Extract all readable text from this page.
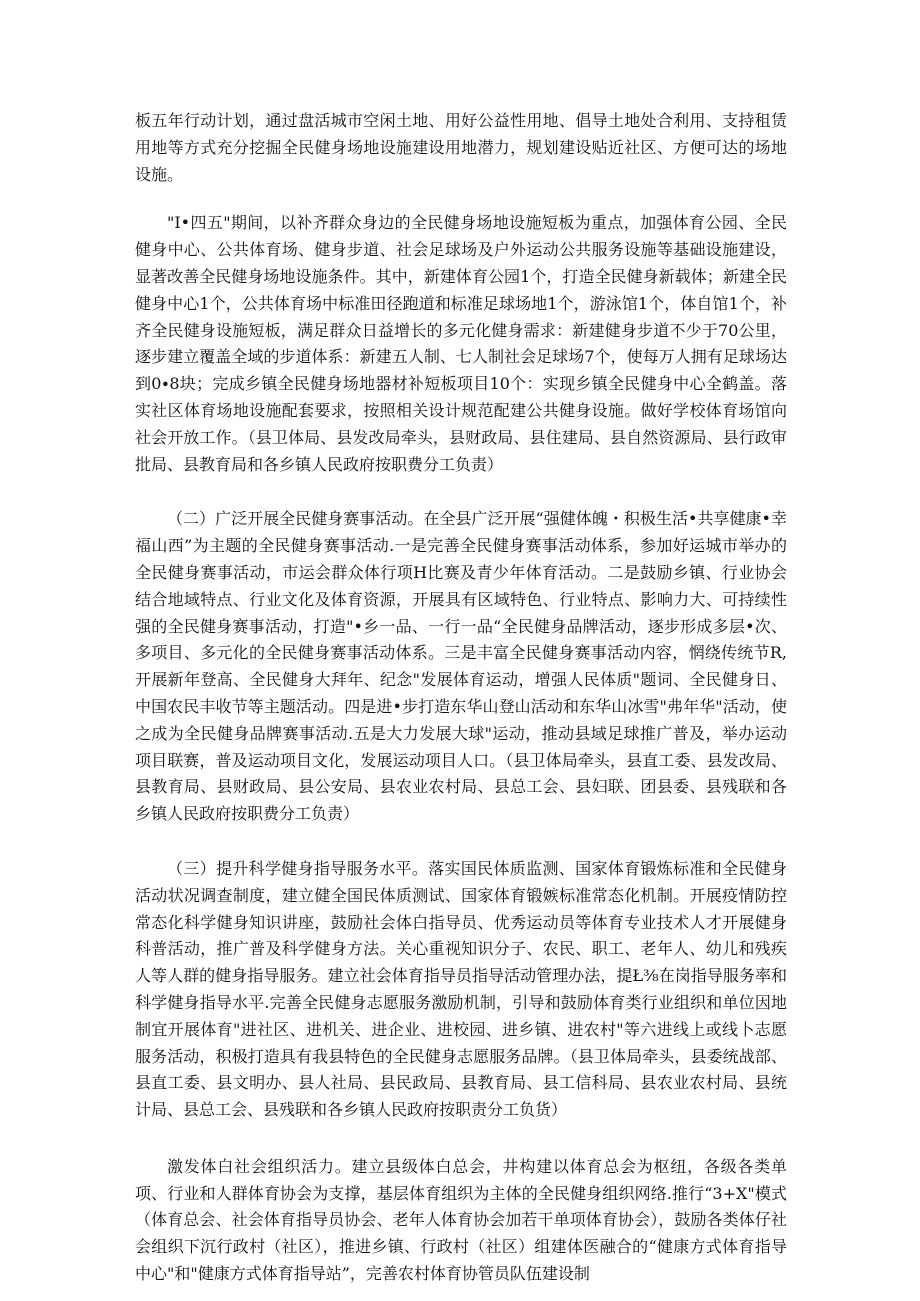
板五年行动计划，通过盘活城市空闲土地、用好公益性用地、倡导土地处合利用、支持租赁用地等方式充分挖掘全民健身场地设施建设用地潜力，规划建设贴近社区、方便可达的场地设施。

"I•四五"期间，以补齐群众身边的全民健身场地设施短板为重点，加强体育公园、全民健身中心、公共体育场、健身步道、社会足球场及户外运动公共服务设施等基础设施建设，显著改善全民健身场地设施条件。其中，新建体育公园1个，打造全民健身新载体；新建全民健身中心1个，公共体育场中标准田径跑道和标准足球场地1个，游泳馆1个，体自馆1个，补齐全民健身设施短板，满足群众日益增长的多元化健身需求：新建健身步道不少于70公里，逐步建立覆盖全域的步道体系：新建五人制、七人制社会足球场7个，使每万人拥有足球场达到0∙8块；完成乡镇全民健身场地器材补短板项目10个：实现乡镇全民健身中心全鹤盖。落实社区体育场地设施配套要求，按照相关设计规范配建公共健身设施。做好学校体育场馆向社会开放工作。（县卫体局、县发改局牵头，县财政局、县住建局、县自然资源局、县行政审批局、县教育局和各乡镇人民政府按职费分工负责）

（二）广泛开展全民健身赛事活动。在全县广泛开展“强健体魄・积极生活•共享健康•幸福山西”为主题的全民健身赛事活动.一是完善全民健身赛事活动体系，参加好运城市举办的全民健身赛事活动，市运会群众体行项H比赛及青少年体育活动。二是鼓励乡镇、行业协会结合地域特点、行业文化及体育资源，开展具有区域特色、行业特点、影响力大、可持续性强的全民健身赛事活动，打造"•乡一品、一行一品“全民健身品牌活动，逐步形成多层•次、多项目、多元化的全民健身赛事活动体系。三是丰富全民健身赛事活动内容，惘绕传统节R,开展新年登高、全民健身大拜年、纪念"发展体育运动，增强人民体质"题词、全民健身日、中国农民丰收节等主题活动。四是进•步打造东华山登山活动和东华山冰雪"弗年华"活动，使之成为全民健身品牌赛事活动.五是大力发展大球"运动，推动县域足球推广普及，举办运动项目联赛，普及运动项目文化，发展运动项目人口。（县卫体局牵头，县直工委、县发改局、县教育局、县财政局、县公安局、县农业农村局、县总工会、县妇联、团县委、县残联和各乡镇人民政府按职费分工负责）

（三）提升科学健身指导服务水平。落实国民体质监测、国家体育锻炼标准和全民健身活动状况调查制度，建立健全国民体质测试、国家体育锻嫉标准常态化机制。开展疫情防控常态化科学健身知识讲座，鼓励社会体白指导员、优秀运动员等体育专业技术人才开展健身科普活动，推广普及科学健身方法。关心重视知识分子、农民、职工、老年人、幼儿和残疾人等人群的健身指导服务。建立社会体育指导员指导活动管理办法，提Ł⅜在岗指导服务率和科学健身指导水平.完善全民健身志愿服务激励机制，引导和鼓励体育类行业组织和单位因地制宜开展体育"进社区、进机关、进企业、进校园、进乡镇、进农村"等六进线上或线卜志愿服务活动，积极打造具有我县特色的全民健身志愿服务品牌。（县卫体局牵头，县委统战部、县直工委、县文明办、县人社局、县民政局、县教育局、县工信科局、县农业农村局、县统计局、县总工会、县残联和各乡镇人民政府按职责分工负货）

激发体白社会组织活力。建立县级体白总会，井构建以体育总会为枢纽，各级各类单项、行业和人群体育协会为支撑，基层体育组织为主体的全民健身组织网络.推行“3+X"模式（体育总会、社会体育指导员协会、老年人体育协会加若干单项体育协会），鼓励各类体仔社会组织下沉行政村（社区），推进乡镇、行政村（社区）组建体医融合的“健康方式体育指导中心"和"健康方式体育指导站”，完善农村体育协管员队伍建设制
